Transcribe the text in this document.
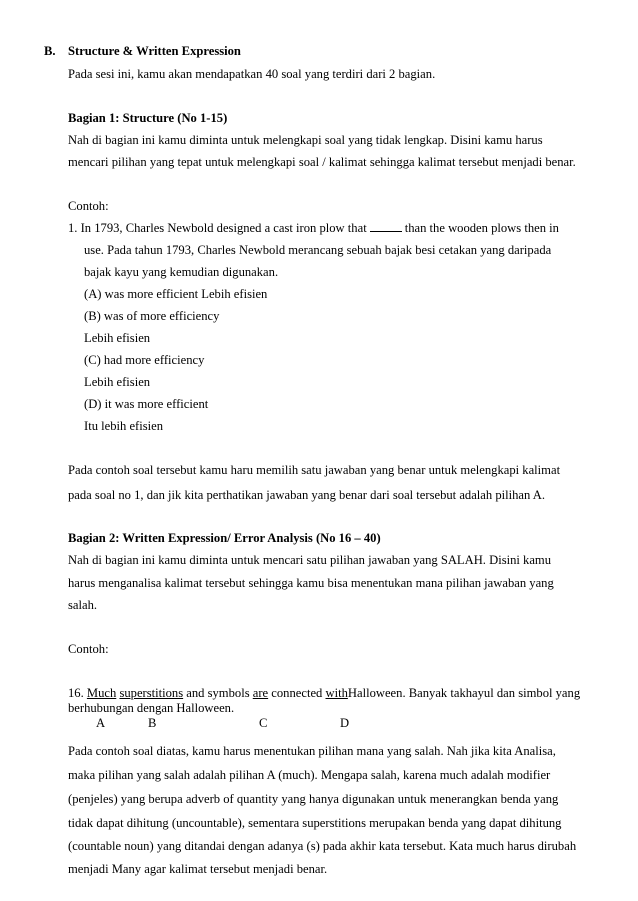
B. Structure & Written Expression
Pada sesi ini, kamu akan mendapatkan 40 soal yang terdiri dari 2 bagian.
Bagian 1: Structure (No 1-15)
Nah di bagian ini kamu diminta untuk melengkapi soal yang tidak lengkap. Disini kamu harus
mencari pilihan yang tepat untuk melengkapi soal / kalimat sehingga kalimat tersebut menjadi benar.
Contoh:
1. In 1793, Charles Newbold designed a cast iron plow that	than the wooden plows then in
use. Pada tahun 1793, Charles Newbold merancang sebuah bajak besi cetakan yang daripada
bajak kayu yang kemudian digunakan.
(A) was more efficient Lebih efisien
(B) was of more efficiency
Lebih efisien
(C) had more efficiency
Lebih efisien
(D) it was more efficient
Itu lebih efisien
Pada contoh soal tersebut kamu haru memilih satu jawaban yang benar untuk melengkapi kalimat
pada soal no 1, dan jik kita perthatikan jawaban yang benar dari soal tersebut adalah pilihan A.
Bagian 2: Written Expression/ Error Analysis (No 16 – 40)
Nah di bagian ini kamu diminta untuk mencari satu pilihan jawaban yang SALAH. Disini kamu
harus menganalisa kalimat tersebut sehingga kamu bisa menentukan mana pilihan jawaban yang
salah.
Contoh:
16. Much superstitions and symbols are connected withHalloween. Banyak takhayul dan simbol yang
berhubungan dengan Halloween.
A	B	C	D
Pada contoh soal diatas, kamu harus menentukan pilihan mana yang salah. Nah jika kita Analisa,
maka pilihan yang salah adalah pilihan A (much). Mengapa salah, karena much adalah modifier
(penjeles) yang berupa adverb of quantity yang hanya digunakan untuk menerangkan benda yang
tidak dapat dihitung (uncountable), sementara superstitions merupakan benda yang dapat dihitung
(countable noun) yang ditandai dengan adanya (s) pada akhir kata tersebut. Kata much harus dirubah
menjadi Many agar kalimat tersebut menjadi benar.
